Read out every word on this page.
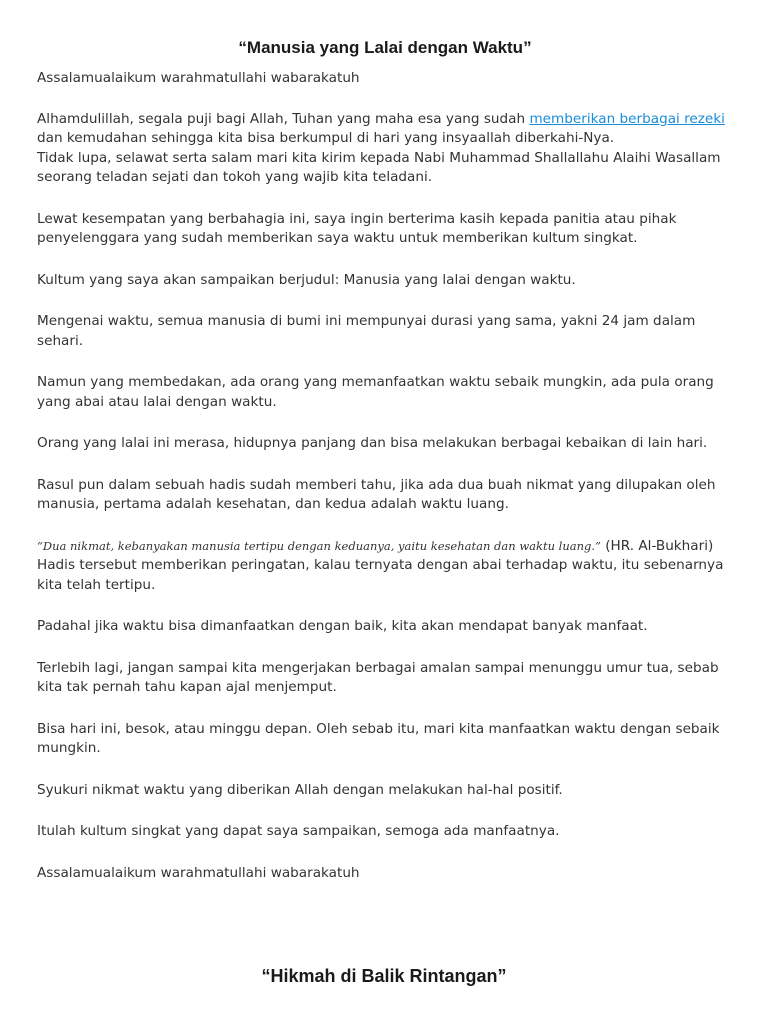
“Manusia yang Lalai dengan Waktu”

Assalamualaikum warahmatullahi wabarakatuh

Alhamdulillah, segala puji bagi Allah, Tuhan yang maha esa yang sudah memberikan berbagai rezeki dan kemudahan sehingga kita bisa berkumpul di hari yang insyaallah diberkahi-Nya.
Tidak lupa, selawat serta salam mari kita kirim kepada Nabi Muhammad Shallallahu Alaihi Wasallam seorang teladan sejati dan tokoh yang wajib kita teladani.

Lewat kesempatan yang berbahagia ini, saya ingin berterima kasih kepada panitia atau pihak penyelenggara yang sudah memberikan saya waktu untuk memberikan kultum singkat.

Kultum yang saya akan sampaikan berjudul: Manusia yang lalai dengan waktu.

Mengenai waktu, semua manusia di bumi ini mempunyai durasi yang sama, yakni 24 jam dalam sehari.

Namun yang membedakan, ada orang yang memanfaatkan waktu sebaik mungkin, ada pula orang yang abai atau lalai dengan waktu.

Orang yang lalai ini merasa, hidupnya panjang dan bisa melakukan berbagai kebaikan di lain hari.

Rasul pun dalam sebuah hadis sudah memberi tahu, jika ada dua buah nikmat yang dilupakan oleh manusia, pertama adalah kesehatan, dan kedua adalah waktu luang.

“Dua nikmat, kebanyakan manusia tertipu dengan keduanya, yaitu kesehatan dan waktu luang.” (HR. Al-Bukhari)
Hadis tersebut memberikan peringatan, kalau ternyata dengan abai terhadap waktu, itu sebenarnya kita telah tertipu.

Padahal jika waktu bisa dimanfaatkan dengan baik, kita akan mendapat banyak manfaat.

Terlebih lagi, jangan sampai kita mengerjakan berbagai amalan sampai menunggu umur tua, sebab kita tak pernah tahu kapan ajal menjemput.

Bisa hari ini, besok, atau minggu depan. Oleh sebab itu, mari kita manfaatkan waktu dengan sebaik mungkin.

Syukuri nikmat waktu yang diberikan Allah dengan melakukan hal-hal positif.

Itulah kultum singkat yang dapat saya sampaikan, semoga ada manfaatnya.

Assalamualaikum warahmatullahi wabarakatuh

“Hikmah di Balik Rintangan”
